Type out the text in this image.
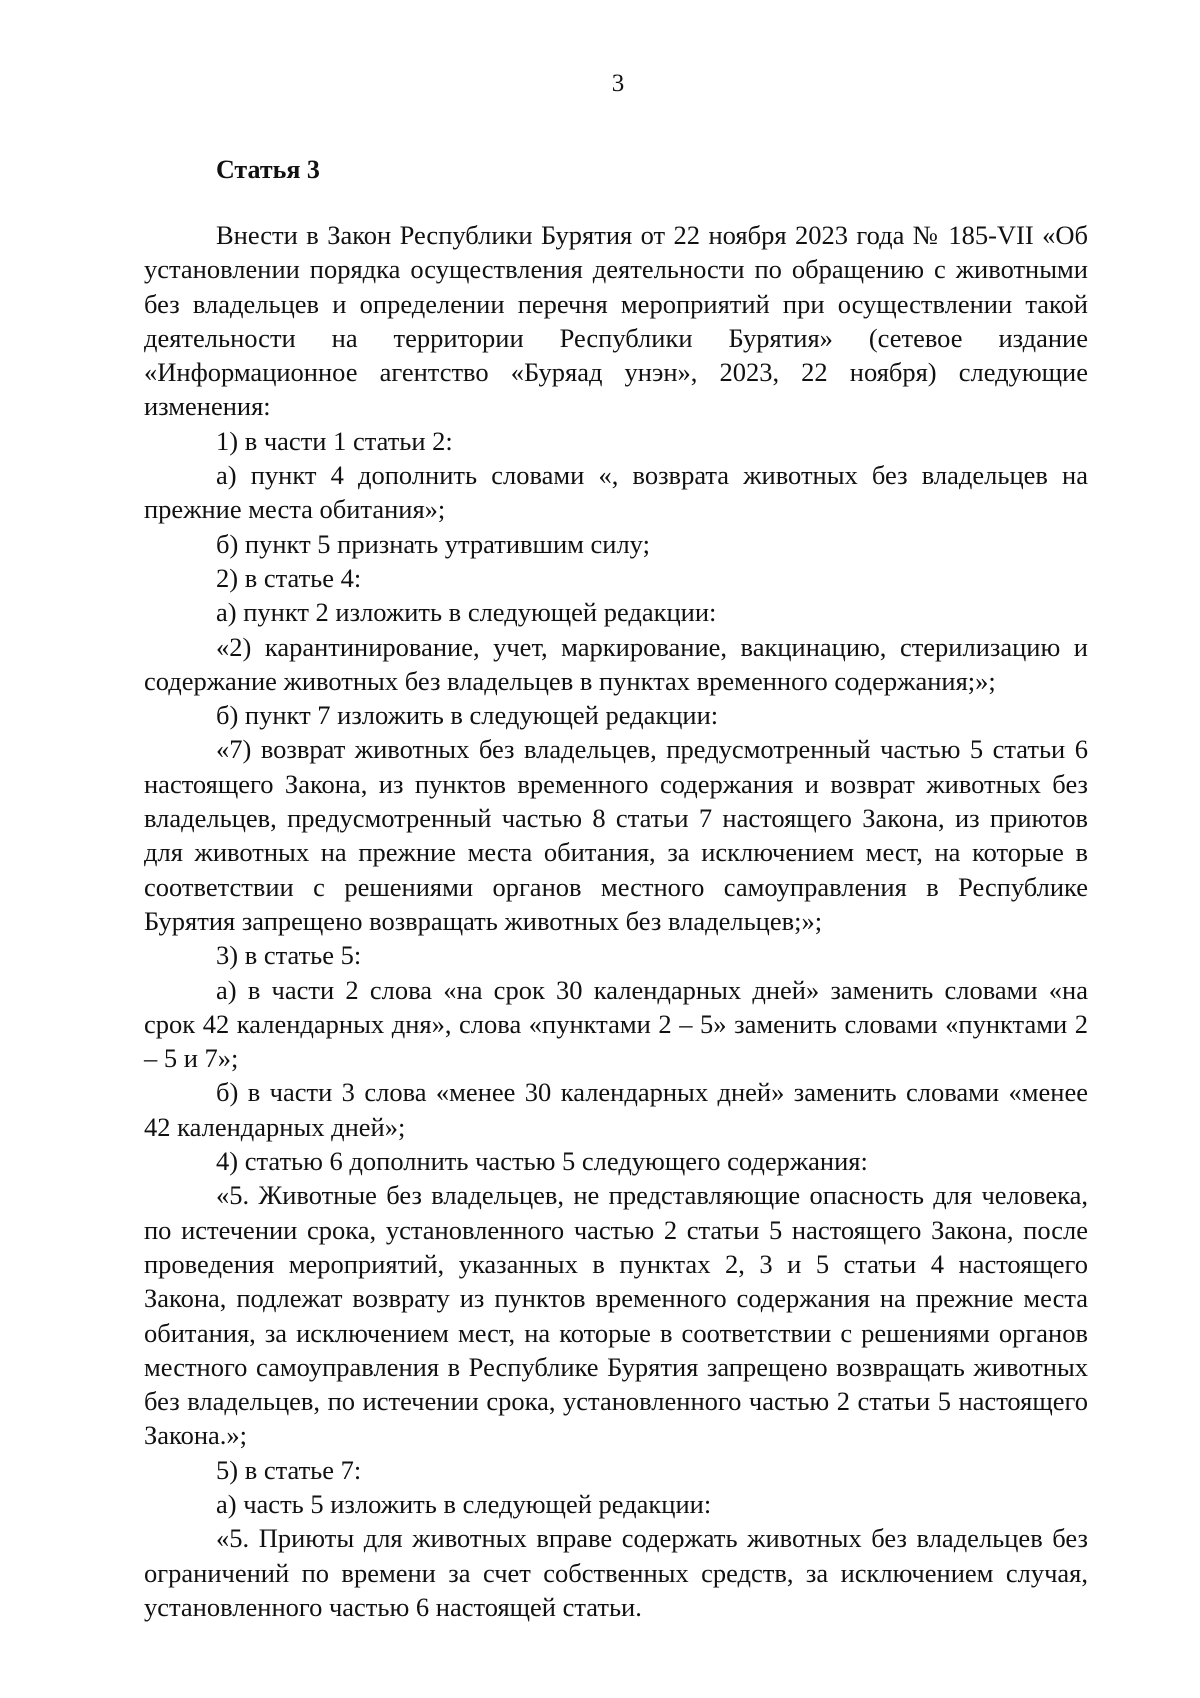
3
Статья 3

Внести в Закон Республики Бурятия от 22 ноября 2023 года № 185-VII «Об установлении порядка осуществления деятельности по обращению с животными без владельцев и определении перечня мероприятий при осуществлении такой деятельности на территории Республики Бурятия» (сетевое издание «Информационное агентство «Буряад унэн», 2023, 22 ноября) следующие изменения:

1) в части 1 статьи 2:

а) пункт 4 дополнить словами «, возврата животных без владельцев на прежние места обитания»;

б) пункт 5 признать утратившим силу;

2) в статье 4:

а) пункт 2 изложить в следующей редакции:

«2) карантинирование, учет, маркирование, вакцинацию, стерилизацию и содержание животных без владельцев в пунктах временного содержания;»;

б) пункт 7 изложить в следующей редакции:

«7) возврат животных без владельцев, предусмотренный частью 5 статьи 6 настоящего Закона, из пунктов временного содержания и возврат животных без владельцев, предусмотренный частью 8 статьи 7 настоящего Закона, из приютов для животных на прежние места обитания, за исключением мест, на которые в соответствии с решениями органов местного самоуправления в Республике Бурятия запрещено возвращать животных без владельцев;»;

3) в статье 5:

а) в части 2 слова «на срок 30 календарных дней» заменить словами «на срок 42 календарных дня», слова «пунктами 2 – 5» заменить словами «пунктами 2 – 5 и 7»;

б) в части 3 слова «менее 30 календарных дней» заменить словами «менее 42 календарных дней»;

4) статью 6 дополнить частью 5 следующего содержания:

«5. Животные без владельцев, не представляющие опасность для человека, по истечении срока, установленного частью 2 статьи 5 настоящего Закона, после проведения мероприятий, указанных в пунктах 2, 3 и 5 статьи 4 настоящего Закона, подлежат возврату из пунктов временного содержания на прежние места обитания, за исключением мест, на которые в соответствии с решениями органов местного самоуправления в Республике Бурятия запрещено возвращать животных без владельцев, по истечении срока, установленного частью 2 статьи 5 настоящего Закона.»;

5) в статье 7:

а) часть 5 изложить в следующей редакции:

«5. Приюты для животных вправе содержать животных без владельцев без ограничений по времени за счет собственных средств, за исключением случая, установленного частью 6 настоящей статьи.
